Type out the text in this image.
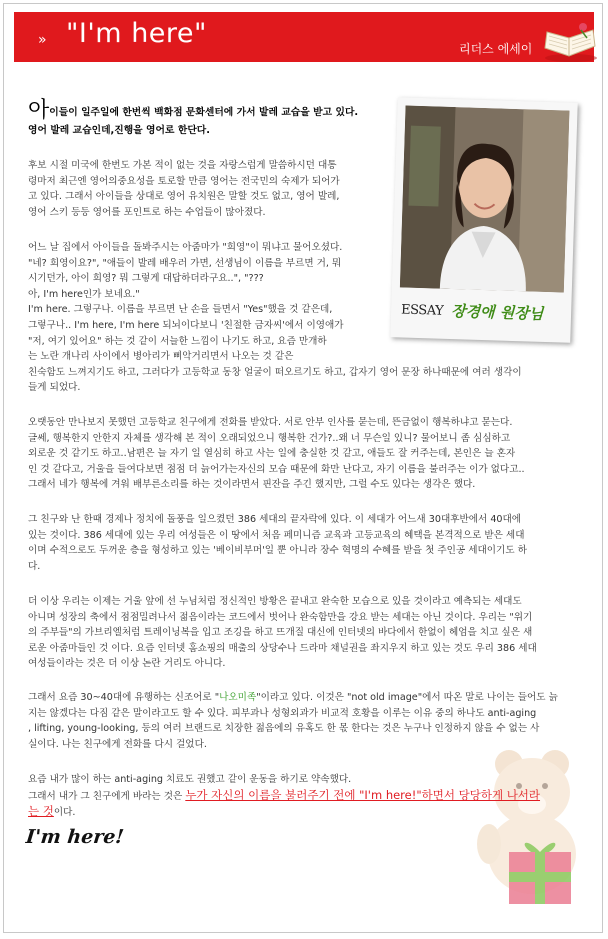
» "I'm here"	리더스 에세이
ESSAY 장경애 원장님
아이들이 일주일에 한번씩 백화점 문화센터에 가서 발레 교습을 받고 있다.
영어 발레 교습인데,진행을 영어로 한단다.
후보 시절 미국에 한번도 가본 적이 없는 것을 자랑스럽게 말씀하시던 대통
령마저 최근엔 영어의중요성을 토로할 만큼 영어는 전국민의 숙제가 되어가
고 있다. 그래서 아이들을 상대로 영어 유치원은 말할 것도 없고, 영어 발레,
영어 스키 등등 영어를 포인트로 하는 수업들이 많아졌다.
어느 날 집에서 아이들을 돌봐주시는 아줌마가 "희영"이 뭐냐고 물어오셨다.
"네? 희영이요?", "애들이 발레 배우러 가면, 선생님이 이름을 부르면 거, 뭐
시기던가, 아이 희영? 뭐 그렇게 대답하더라구요..", "???
아, I'm here인가 보네요."
I'm here. 그렇구나. 이름을 부르면 난 손을 들면서 "Yes"했을 것 같은데,
그렇구나.. I'm here, I'm here 되뇌이다보니 '친절한 금자씨'에서 이영애가
"저, 여기 있어요" 하는 것 같이 서늘한 느낌이 나기도 하고, 요즘 만개하
는 노란 개나리 사이에서 병아리가 삐악거리면서 나오는 것 같은
친숙함도 느껴지기도 하고, 그러다가 고등학교 동창 얼굴이 떠오르기도 하고, 갑자기 영어 문장 하나때문에 여러 생각이
들게 되었다.
오랫동안 만나보지 못했던 고등학교 친구에게 전화를 받았다. 서로 안부 인사를 묻는데, 뜬금없이 행복하냐고 묻는다.
글쎄, 행복한지 안한지 자체를 생각해 본 적이 오래되었으니 행복한 건가?..왜 너 무슨일 있니? 물어보니 좀 심심하고
외로운 것 같기도 하고..남편은 늘 자기 일 열심히 하고 사는 일에 충실한 것 같고, 애들도 잘 커주는데, 본인은 늘 혼자
인 것 같다고, 거울을 들여다보면 점점 더 늙어가는자신의 모습 때문에 화만 난다고, 자기 이름을 불러주는 이가 없다고..
그래서 네가 행복에 겨워 배부른소리를 하는 것이라면서 핀잔을 주긴 했지만, 그럴 수도 있다는 생각은 했다.
그 친구와 난 한때 경제나 정치에 돌풍을 일으켰던 386 세대의 끝자락에 있다. 이 세대가 어느새 30대후반에서 40대에
있는 것이다. 386 세대에 있는 우리 여성들은 이 땅에서 처음 페미니즘 교육과 고등교육의 혜택을 본격적으로 받은 세대
이며 수적으로도 두꺼운 층을 형성하고 있는 '베이비부머'일 뿐 아니라 장수 혁명의 수혜를 받을 첫 주인공 세대이기도 하
다.
더 이상 우리는 이제는 거울 앞에 선 누님처럼 정신적인 방황은 끝내고 완숙한 모습으로 있을 것이라고 예측되는 세대도
아니며 성장의 축에서 점점밀려나서 젊음이라는 코드에서 벗어나 완숙함만을 강요 받는 세대는 아닌 것이다. 우리는 "위기
의 주부들"의 가브리엘처럼 트레이닝복을 입고 조깅을 하고 뜨개질 대신에 인터넷의 바다에서 한없이 헤엄을 치고 싶은 새
로운 아줌마들인 것 이다. 요즘 인터넷 홈쇼핑의 매출의 상당수나 드라마 채널권을 좌지우지 하고 있는 것도 우리 386 세대
여성들이라는 것은 더 이상 논란 거리도 아니다.
그래서 요즘 30~40대에 유행하는 신조어로 "나오미족"이라고 있다. 이것은 "not old image"에서 따온 말로 나이는 들어도 늙
지는 않겠다는 다짐 같은 말이라고도 할 수 있다. 피부과나 성형외과가 비교적 호황을 이루는 이유 중의 하나도 anti-aging
, lifting, young-looking, 등의 여러 브랜드로 치장한 젊음에의 유혹도 한 몫 한다는 것은 누구나 인정하지 않을 수 없는 사
실이다. 나는 친구에게 전화를 다시 걸었다.
요즘 내가 많이 하는 anti-aging 치료도 권했고 같이 운동을 하기로 약속했다.
그래서 내가 그 친구에게 바라는 것은 누가 자신의 이름을 불러주기 전에 "I'm here!"하면서 당당하게 나서라
는 것이다.
I'm here!
